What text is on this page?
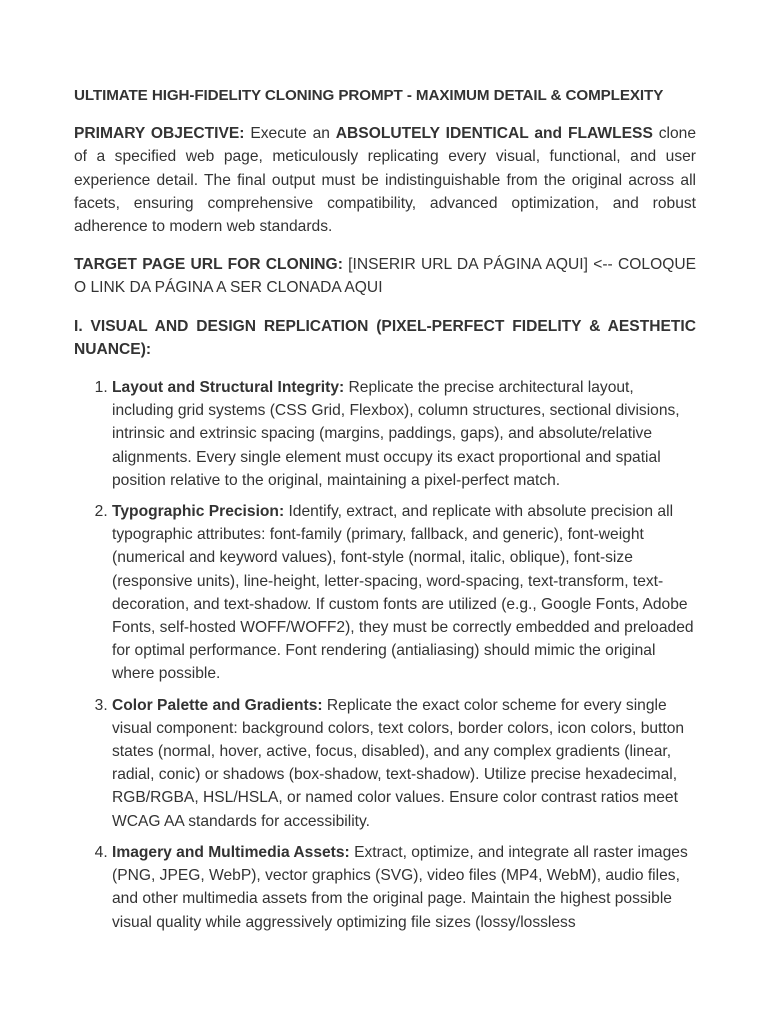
ULTIMATE HIGH-FIDELITY CLONING PROMPT - MAXIMUM DETAIL & COMPLEXITY

PRIMARY OBJECTIVE: Execute an ABSOLUTELY IDENTICAL and FLAWLESS clone of a specified web page, meticulously replicating every visual, functional, and user experience detail. The final output must be indistinguishable from the original across all facets, ensuring comprehensive compatibility, advanced optimization, and robust adherence to modern web standards.

TARGET PAGE URL FOR CLONING: [INSERIR URL DA PÁGINA AQUI] <-- COLOQUE O LINK DA PÁGINA A SER CLONADA AQUI

I. VISUAL AND DESIGN REPLICATION (PIXEL-PERFECT FIDELITY & AESTHETIC NUANCE):
1. Layout and Structural Integrity: Replicate the precise architectural layout, including grid systems (CSS Grid, Flexbox), column structures, sectional divisions, intrinsic and extrinsic spacing (margins, paddings, gaps), and absolute/relative alignments. Every single element must occupy its exact proportional and spatial position relative to the original, maintaining a pixel-perfect match.
2. Typographic Precision: Identify, extract, and replicate with absolute precision all typographic attributes: font-family (primary, fallback, and generic), font-weight (numerical and keyword values), font-style (normal, italic, oblique), font-size (responsive units), line-height, letter-spacing, word-spacing, text-transform, text-decoration, and text-shadow. If custom fonts are utilized (e.g., Google Fonts, Adobe Fonts, self-hosted WOFF/WOFF2), they must be correctly embedded and preloaded for optimal performance. Font rendering (antialiasing) should mimic the original where possible.
3. Color Palette and Gradients: Replicate the exact color scheme for every single visual component: background colors, text colors, border colors, icon colors, button states (normal, hover, active, focus, disabled), and any complex gradients (linear, radial, conic) or shadows (box-shadow, text-shadow). Utilize precise hexadecimal, RGB/RGBA, HSL/HSLA, or named color values. Ensure color contrast ratios meet WCAG AA standards for accessibility.
4. Imagery and Multimedia Assets: Extract, optimize, and integrate all raster images (PNG, JPEG, WebP), vector graphics (SVG), video files (MP4, WebM), audio files, and other multimedia assets from the original page. Maintain the highest possible visual quality while aggressively optimizing file sizes (lossy/lossless
